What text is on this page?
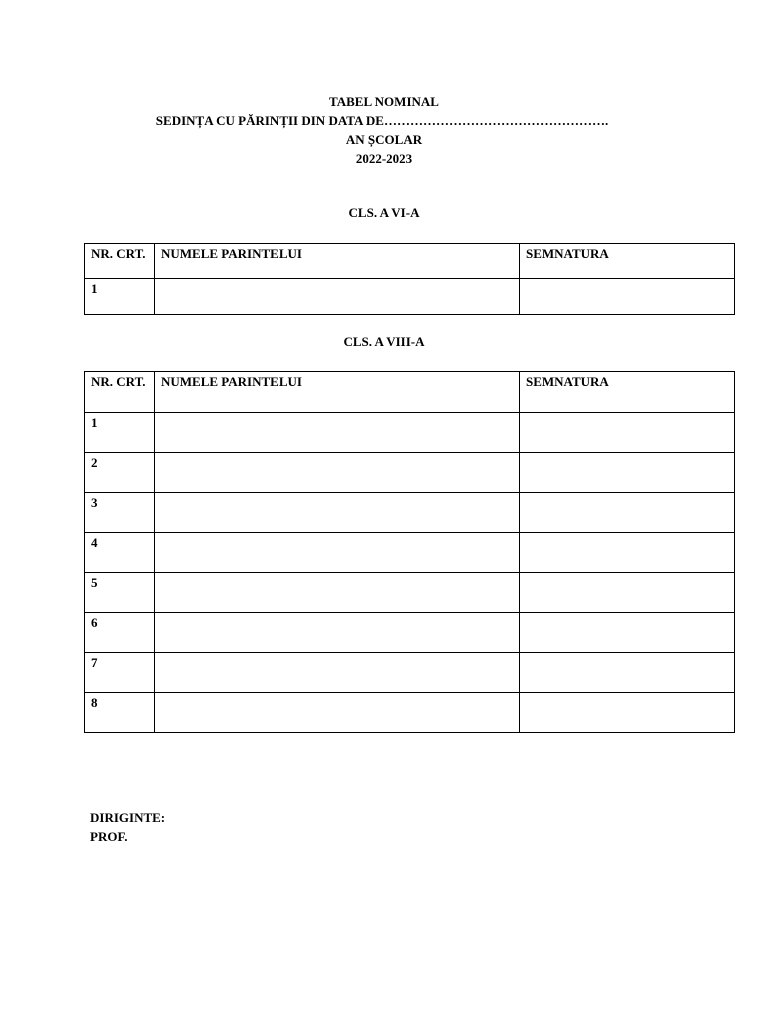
TABEL NOMINAL
SEDINȚA CU PĂRINȚII DIN DATA DE…………………………………………….
AN ȘCOLAR
2022-2023
CLS. A VI-A
NR. CRT.	NUMELE PARINTELUI	SEMNATURA
1		
CLS. A VIII-A
NR. CRT.	NUMELE PARINTELUI	SEMNATURA
1		
2		
3		
4		
5		
6		
7		
8		
DIRIGINTE:
PROF.
